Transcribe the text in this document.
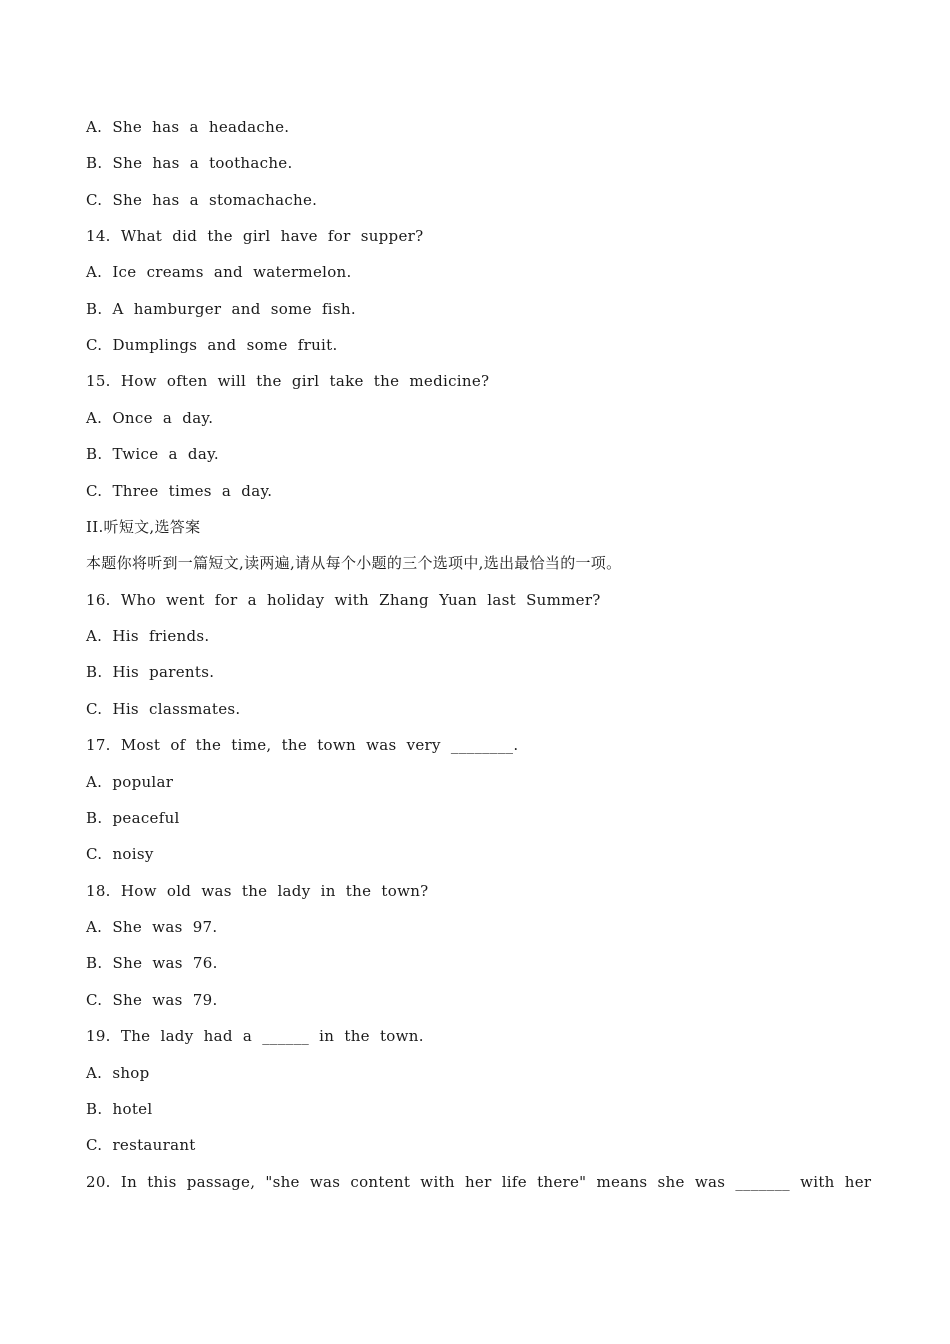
A.  She  has  a  headache.
B.  She  has  a  toothache.
C.  She  has  a  stomachache.
14.  What  did  the  girl  have  for  supper?
A.  Ice  creams  and  watermelon.
B.  A  hamburger  and  some  fish.
C.  Dumplings  and  some  fruit.
15.  How  often  will  the  girl  take  the  medicine?
A.  Once  a  day.
B.  Twice  a  day.
C.  Three  times  a  day.
II.听短文,选答案
本题你将听到一篇短文,读两遍,请从每个小题的三个选项中,选出最恰当的一项。
16.  Who  went  for  a  holiday  with  Zhang  Yuan  last  Summer?
A.  His  friends.
B.  His  parents.
C.  His  classmates.
17.  Most  of  the  time,  the  town  was  very  ________.
A.  popular
B.  peaceful
C.  noisy
18.  How  old  was  the  lady  in  the  town?
A.  She  was  97.
B.  She  was  76.
C.  She  was  79.
19.  The  lady  had  a  ______  in  the  town.
A.  shop
B.  hotel
C.  restaurant
20.  In  this  passage,  "she  was  content  with  her  life  there"  means  she  was  _______  with  her
